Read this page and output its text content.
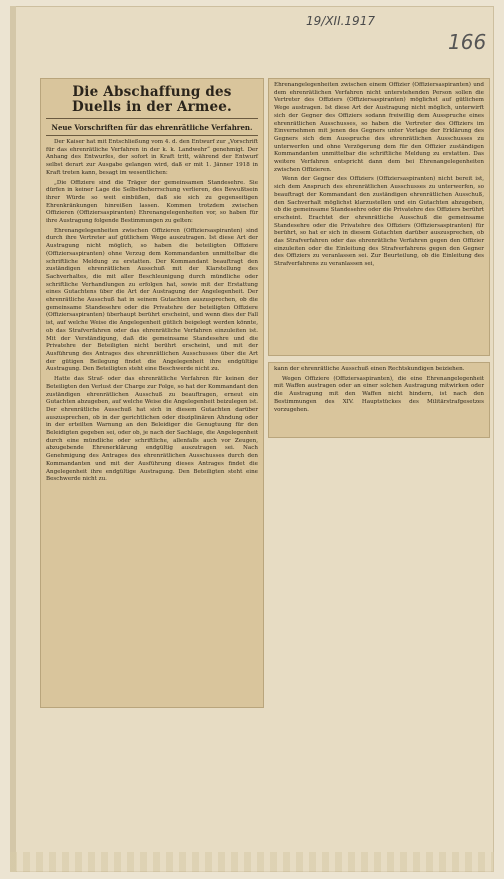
19/XII.1917
166
Die Abschaffung des Duells in der Armee.
Neue Vorschriften für das ehrenrätliche Verfahren.

Der Kaiser hat mit Entschließung vom 4. d. den Entwurf zur „Vorschrift für das ehrenrätliche Verfahren in der k. k. Landwehr“ genehmigt. Der Anhang des Entwurfes, der sofort in Kraft tritt, während der Entwurf selbst derart zur Ausgabe gelangen wird, daß er mit 1. Jänner 1918 in Kraft treten kann, besagt im wesentlichen:

„Die Offiziere sind die Träger der gemeinsamen Standesehre. Sie dürfen in keiner Lage die Selbstbeherrschung verlieren, des Bewußtsein ihrer Würde so weit einbüßen, daß sie sich zu gegenseitigen Ehrenkränkungen hinreißen lassen. Kommen trotzdem zwischen Offizieren (Offiziersaspiranten) Ehrenangelegenheiten vor, so haben für ihre Austragung folgende Bestimmungen zu gelten:

Ehrenangelegenheiten zwischen Offizieren (Offiziersaspiranten) sind durch ihre Vertreter auf gütlichem Wege auszutragen. Ist diese Art der Austragung nicht möglich, so haben die beteiligten Offiziere (Offiziersaspiranten) ohne Verzug dem Kommandanten unmittelbar die schriftliche Meldung zu erstatten. Der Kommandant beauftragt den zuständigen ehrenrätlichen Ausschuß mit der Klarstellung des Sachverhaltes, die mit aller Beschleunigung durch mündliche oder schriftliche Verhandlungen zu erfolgen hat, sowie mit der Erstattung eines Gutachtens über die Art der Austragung der Angelegenheit. Der ehrenrätliche Ausschuß hat in seinem Gutachten auszusprechen, ob die gemeinsame Standesehre oder die Privatehre der beteiligten Offiziere (Offiziersaspiranten) überhaupt berührt erscheint, und wenn dies der Fall ist, auf welche Weise die Angelegenheit gütlich beigelegt werden könnte, ob das Strafverfahren oder das ehrenrätliche Verfahren einzuleiten ist. Mit der Verständigung, daß die gemeinsame Standesehre und die Privatehre der Beteiligten nicht berührt erscheint, und mit der Ausführung des Antrages des ehrenrätlichen Ausschusses über die Art der gütigen Beilegung findet die Angelegenheit ihre endgültige Austragung. Den Beteiligten steht eine Beschwerde nicht zu.

Hatte das Straf- oder das ehrenrätliche Verfahren für keinen der Beteiligten den Verlust der Charge zur Folge, so hat der Kommandant den zuständigen ehrenrätlichen Ausschuß zu beauftragen, erneut ein Gutachten abzugeben, auf welche Weise die Angelegenheit beizulegen ist. Der ehrenrätliche Ausschuß hat sich in diesem Gutachten darüber auszusprechen, ob in der gerichtlichen oder disziplinären Ahndung oder in der erteilten Warnung an den Beleidiger die Genugtuung für den Beleidigten gegeben sei, oder ob, je nach der Sachlage, die Angelegenheit durch eine mündliche oder schriftliche, allenfalls auch vor Zeugen, abzugebende Ehrenerklärung endgültig auszutragen sei. Nach Genehmigung des Antrages des ehrenrätlichen Ausschusses durch den Kommandanten und mit der Ausführung dieses Antrages findet die Angelegenheit ihre endgültige Austragung. Den Beteiligten steht eine Beschwerde nicht zu.

Ehrenangelegenheiten zwischen einem Offizier (Offiziersaspiranten) und dem ehrenrätlichen Verfahren nicht unterstehenden Person sollen die Vertreter des Offiziers (Offiziersaspiranten) möglichst auf gütlichem Wege austragen. Ist diese Art der Austragung nicht möglich, unterwirft sich der Gegner des Offiziers sodann freiwillig dem Ausspruche eines ehrenrätlichen Ausschusses, so haben die Vertreter des Offiziers im Einvernehmen mit jenen des Gegners unter Vorlage der Erklärung des Gegners sich dem Ausspruche des ehrenrätlichen Ausschusses zu unterwerfen und ohne Verzögerung dem für den Offizier zuständigen Kommandanten unmittelbar die schriftliche Meldung zu erstatten. Das weitere Verfahren entspricht dann dem bei Ehrenangelegenheiten zwischen Offizieren.

Wenn der Gegner des Offiziers (Offiziersaspiranten) nicht bereit ist, sich dem Anspruch des ehrenrätlichen Ausschusses zu unterwerfen, so beauftragt der Kommandant den zuständigen ehrenrätlichen Ausschuß, den Sachverhalt möglichst klarzustellen und ein Gutachten abzugeben, ob die gemeinsame Standesehre oder die Privatehre des Offiziers berührt erscheint. Erachtet der ehrenrätliche Ausschuß die gemeinsame Standesehre oder die Privatehre des Offiziers (Offiziersaspiranten) für berührt, so hat er sich in diesem Gutachten darüber auszusprechen, ob das Strafverfahren oder das ehrenrätliche Verfahren gegen den Offizier einzuleiten oder die Einleitung des Strafverfahrens gegen den Gegner des Offiziers zu veranlassen sei. Zur Beurteilung, ob die Einleitung des Strafverfahrens zu veranlassen sei,

kann der ehrenrätliche Ausschuß einen Rechtskundigen beiziehen.

Wegen Offiziere (Offiziersaspiranten), die eine Ehrenangelegenheit mit Waffen austragen oder an einer solchen Austragung mitwirken oder die Austragung mit den Waffen nicht hindern, ist nach den Bestimmungen des XIV. Hauptstückes des Militärstrafgesetzes vorzugehen.
